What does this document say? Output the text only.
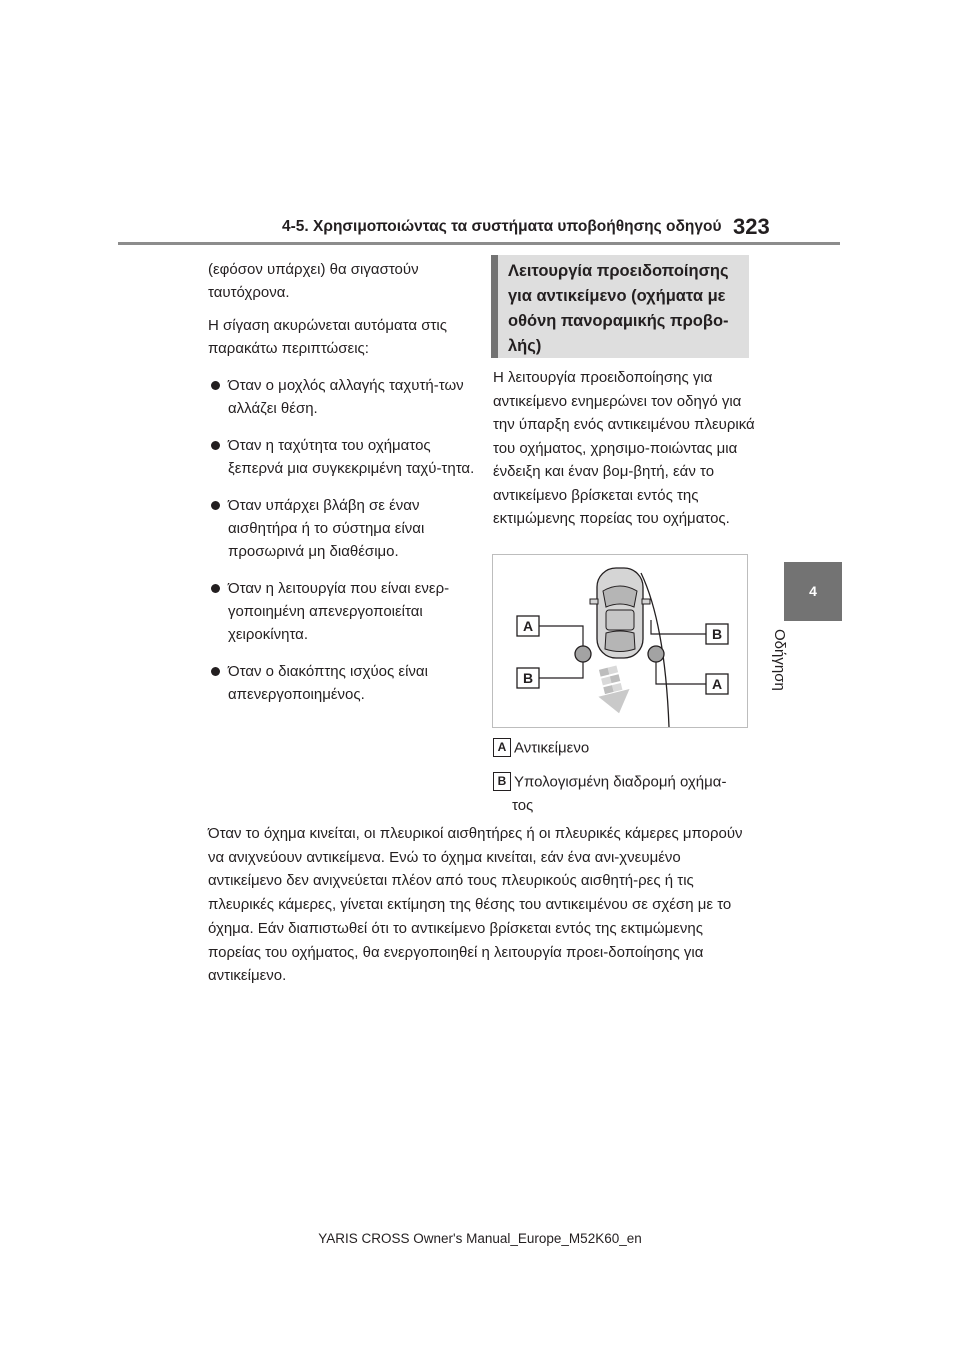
4-5. Χρησιμοποιώντας τα συστήματα υποβοήθησης οδηγού 323
4
Οδήγηση

(εφόσον υπάρχει) θα σιγαστούν
ταυτόχρονα.

Η σίγαση ακυρώνεται αυτόματα στις παρακάτω περιπτώσεις:

Όταν ο μοχλός αλλαγής ταχυτή-των αλλάζει θέση.
Όταν η ταχύτητα του οχήματος ξεπερνά μια συγκεκριμένη ταχύ-τητα.
Όταν υπάρχει βλάβη σε έναν αισθητήρα ή το σύστημα είναι προσωρινά μη διαθέσιμο.
Όταν η λειτουργία που είναι ενερ-γοποιημένη απενεργοποιείται χειροκίνητα.
Όταν ο διακόπτης ισχύος είναι απενεργοποιημένος.
Λειτουργία προειδοποίησης για αντικείμενο (οχήματα με οθόνη πανοραμικής προβο-λής)
Η λειτουργία προειδοποίησης για αντικείμενο ενημερώνει τον οδηγό για την ύπαρξη ενός αντικειμένου πλευρικά του οχήματος, χρησιμο-ποιώντας μια ένδειξη και έναν βομ-βητή, εάν το αντικείμενο βρίσκεται εντός της εκτιμώμενης πορείας του οχήματος.
A
B
B
A
A Αντικείμενο
B Υπολογισμένη διαδρομή οχήμα-
τος
Όταν το όχημα κινείται, οι πλευρικοί αισθητήρες ή οι πλευρικές κάμερες μπορούν να ανιχνεύουν αντικείμενα. Ενώ το όχημα κινείται, εάν ένα ανι-χνευμένο αντικείμενο δεν ανιχνεύεται πλέον από τους πλευρικούς αισθητή-ρες ή τις πλευρικές κάμερες, γίνεται εκτίμηση της θέσης του αντικειμένου σε σχέση με το όχημα. Εάν διαπιστωθεί ότι το αντικείμενο βρίσκεται εντός της εκτιμώμενης πορείας του οχήματος, θα ενεργοποιηθεί η λειτουργία προει-δοποίησης για αντικείμενο.
YARIS CROSS Owner's Manual_Europe_M52K60_en
